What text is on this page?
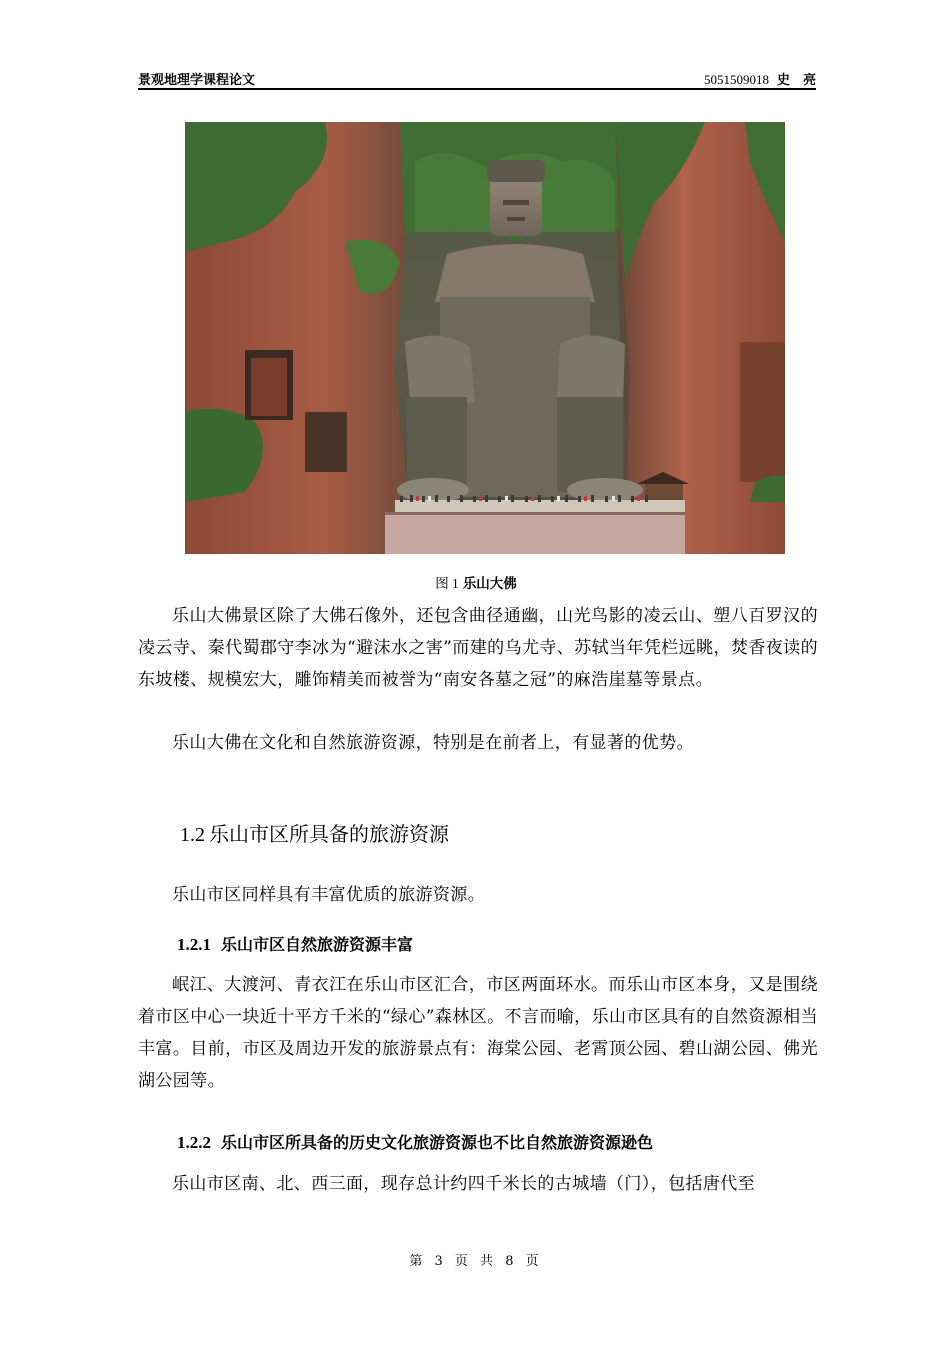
景观地理学课程论文	5051509018 史　亮
图 1 乐山大佛
乐山大佛景区除了大佛石像外，还包含曲径通幽，山光鸟影的凌云山、塑八百罗汉的凌云寺、秦代蜀郡守李冰为“避沫水之害”而建的乌尤寺、苏轼当年凭栏远眺，焚香夜读的东坡楼、规模宏大，雕饰精美而被誉为“南安各墓之冠”的麻浩崖墓等景点。
乐山大佛在文化和自然旅游资源，特别是在前者上，有显著的优势。
1.2 乐山市区所具备的旅游资源
乐山市区同样具有丰富优质的旅游资源。
1.2.1 乐山市区自然旅游资源丰富
岷江、大渡河、青衣江在乐山市区汇合，市区两面环水。而乐山市区本身，又是围绕着市区中心一块近十平方千米的“绿心”森林区。不言而喻，乐山市区具有的自然资源相当丰富。目前，市区及周边开发的旅游景点有：海棠公园、老霄顶公园、碧山湖公园、佛光湖公园等。
1.2.2 乐山市区所具备的历史文化旅游资源也不比自然旅游资源逊色
乐山市区南、北、西三面，现存总计约四千米长的古城墙（门），包括唐代至
第 3 页 共 8 页
